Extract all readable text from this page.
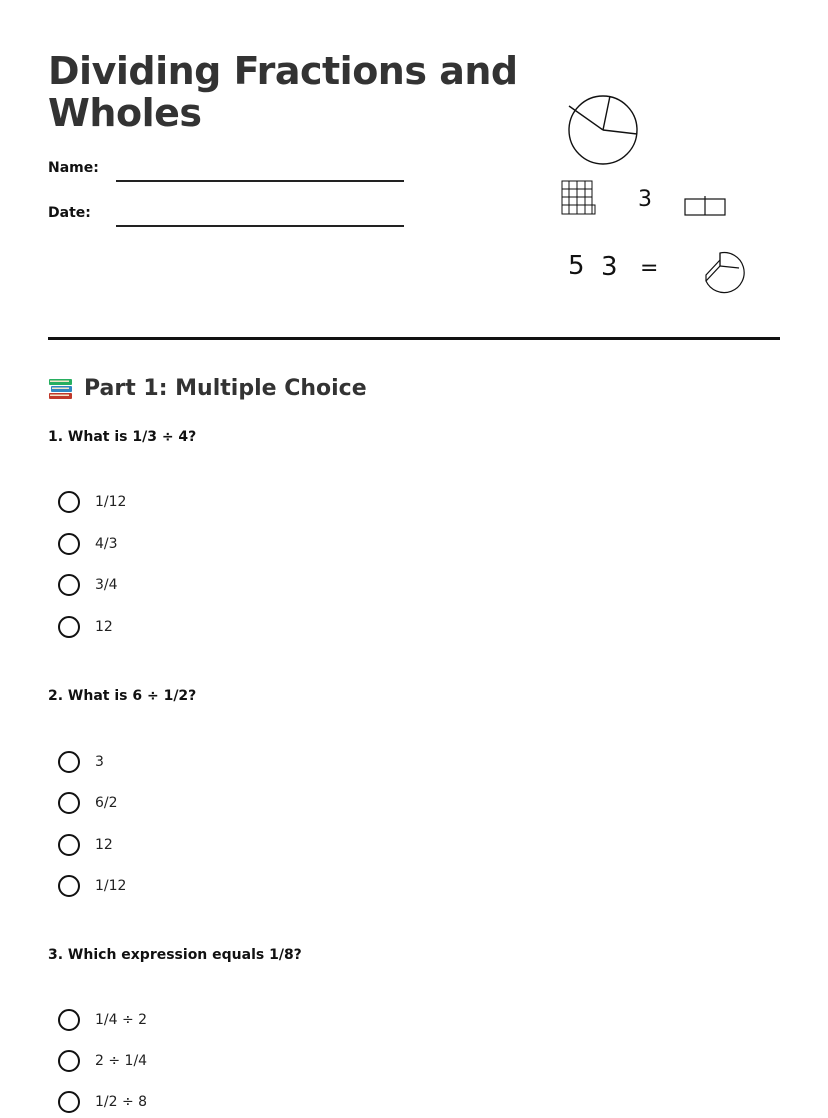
Dividing Fractions and Wholes
Name:
Date:
3
5 3 =
Part 1: Multiple Choice
1. What is 1/3 ÷ 4?
1/12
4/3
3/4
12
2. What is 6 ÷ 1/2?
3
6/2
12
1/12
3. Which expression equals 1/8?
1/4 ÷ 2
2 ÷ 1/4
1/2 ÷ 8
